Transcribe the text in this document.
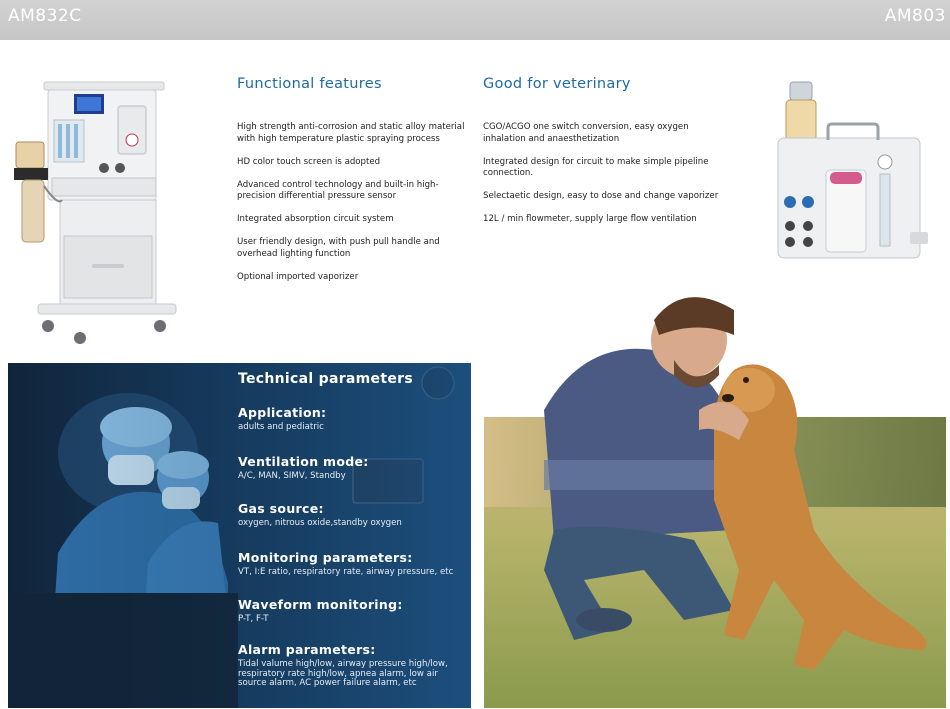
AM832C	AM803
Functional features
High strength anti-corrosion and static alloy material with high temperature plastic spraying process
HD color touch screen is adopted
Advanced control technology and built-in high-precision differential pressure sensor
Integrated absorption circuit system
User friendly design, with push pull handle and overhead lighting function
Optional imported vaporizer
Good for veterinary
CGO/ACGO one switch conversion, easy oxygen inhalation and anaesthetization
Integrated design for circuit to make simple pipeline connection.
Selectaetic design, easy to dose and change vaporizer
12L / min flowmeter, supply large flow ventilation
Technical parameters
Application:
adults and pediatric
Ventilation mode:
A/C, MAN, SIMV, Standby
Gas source:
oxygen, nitrous oxide,standby oxygen
Monitoring parameters:
VT, I:E ratio, respiratory rate, airway pressure, etc
Waveform monitoring:
P-T, F-T
Alarm parameters:
Tidal valume high/low, airway pressure high/low, respiratory rate high/low, apnea alarm, low air source alarm, AC power failure alarm, etc
